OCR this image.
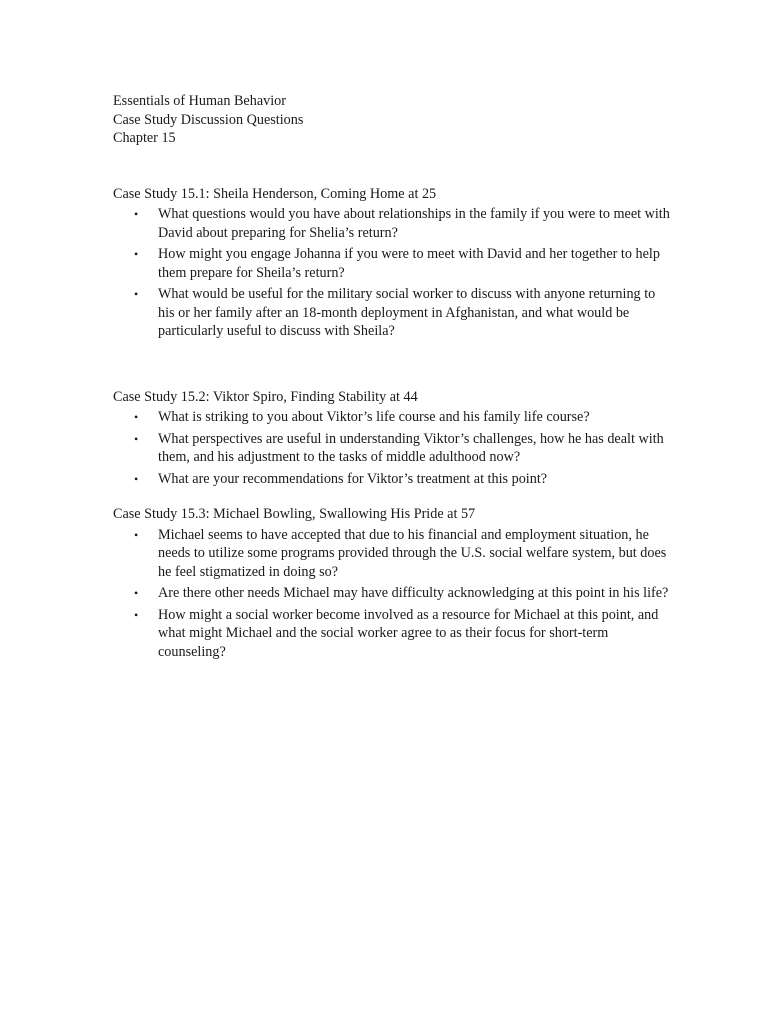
Essentials of Human Behavior
Case Study Discussion Questions
Chapter 15
Case Study 15.1: Sheila Henderson, Coming Home at 25
• What questions would you have about relationships in the family if you were to meet with David about preparing for Shelia’s return?
• How might you engage Johanna if you were to meet with David and her together to help them prepare for Sheila’s return?
• What would be useful for the military social worker to discuss with anyone returning to his or her family after an 18-month deployment in Afghanistan, and what would be particularly useful to discuss with Sheila?
Case Study 15.2: Viktor Spiro, Finding Stability at 44
• What is striking to you about Viktor’s life course and his family life course?
• What perspectives are useful in understanding Viktor’s challenges, how he has dealt with them, and his adjustment to the tasks of middle adulthood now?
• What are your recommendations for Viktor’s treatment at this point?
Case Study 15.3: Michael Bowling, Swallowing His Pride at 57
• Michael seems to have accepted that due to his financial and employment situation, he needs to utilize some programs provided through the U.S. social welfare system, but does he feel stigmatized in doing so?
• Are there other needs Michael may have difficulty acknowledging at this point in his life?
• How might a social worker become involved as a resource for Michael at this point, and what might Michael and the social worker agree to as their focus for short-term counseling?
